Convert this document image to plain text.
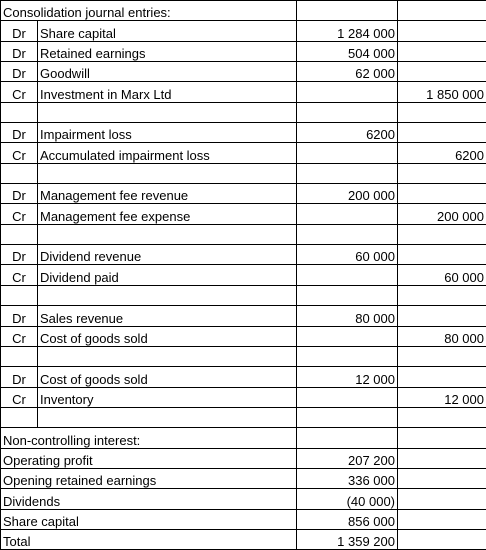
Consolidation journal entries:			
Dr	Share capital	1 284 000	
Dr	Retained earnings	504 000	
Dr	Goodwill	62 000	
Cr	Investment in Marx Ltd		1 850 000

Dr	Impairment loss	6200	
Cr	Accumulated impairment loss		6200

Dr	Management fee revenue	200 000	
Cr	Management fee expense		200 000

Dr	Dividend revenue	60 000	
Cr	Dividend paid		60 000

Dr	Sales revenue	80 000	
Cr	Cost of goods sold		80 000

Dr	Cost of goods sold	12 000	
Cr	Inventory		12 000

Non-controlling interest:			
Operating profit		207 200	
Opening retained earnings		336 000	
Dividends		(40 000)	
Share capital		856 000	
Total		1 359 200	
